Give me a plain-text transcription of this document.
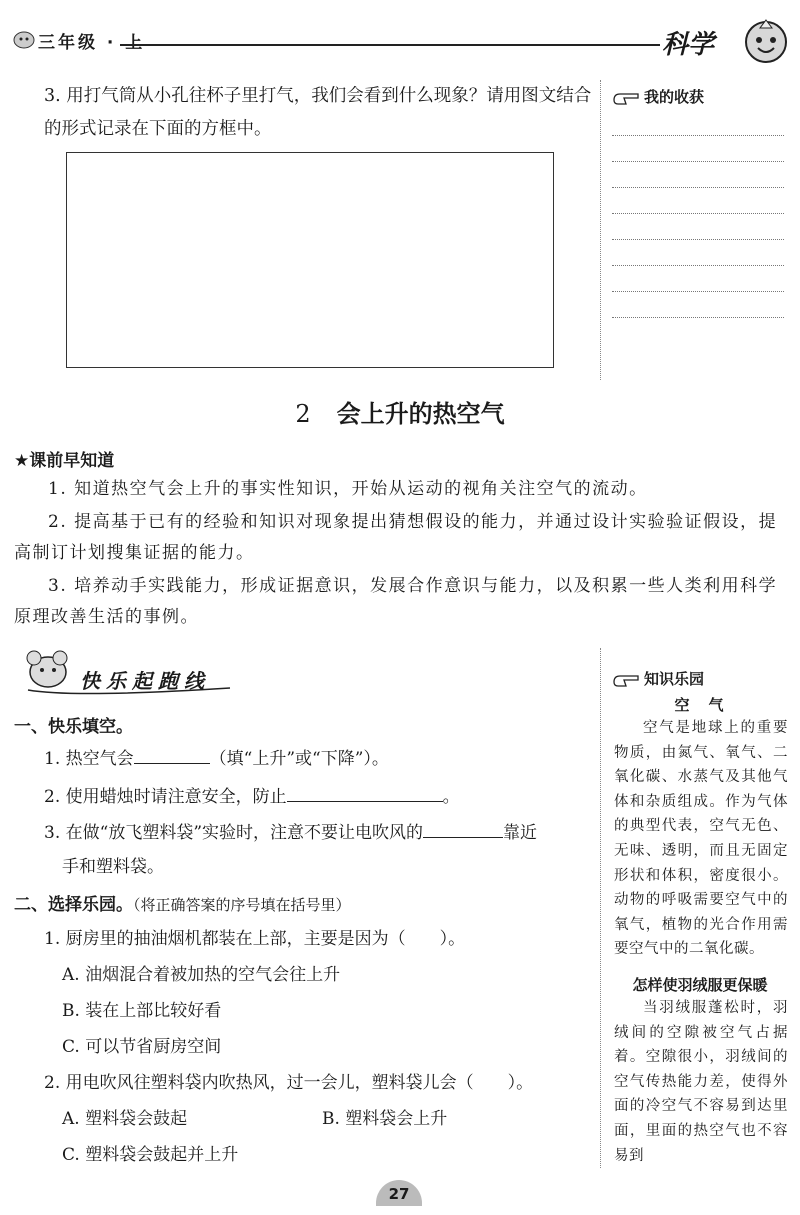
三年级 · 上	科学
3. 用打气筒从小孔往杯子里打气，我们会看到什么现象？请用图文结合的形式记录在下面的方框中。
我的收获
2 会上升的热空气
★课前早知道
1. 知道热空气会上升的事实性知识，开始从运动的视角关注空气的流动。
2. 提高基于已有的经验和知识对现象提出猜想假设的能力，并通过设计实验验证假设，提高制订计划搜集证据的能力。
3. 培养动手实践能力，形成证据意识，发展合作意识与能力，以及积累一些人类利用科学原理改善生活的事例。
快乐起跑线
一、快乐填空。
1. 热空气会	（填“上升”或“下降”）。
2. 使用蜡烛时请注意安全，防止	。
3. 在做“放飞塑料袋”实验时，注意不要让电吹风的	靠近
手和塑料袋。
二、选择乐园。（将正确答案的序号填在括号里）
1. 厨房里的抽油烟机都装在上部，主要是因为（　　）。
A. 油烟混合着被加热的空气会往上升
B. 装在上部比较好看
C. 可以节省厨房空间
2. 用电吹风往塑料袋内吹热风，过一会儿，塑料袋儿会（　　）。
A. 塑料袋会鼓起	B. 塑料袋会上升
C. 塑料袋会鼓起并上升
知识乐园
空　气
空气是地球上的重要物质，由氮气、氧气、二氧化碳、水蒸气及其他气体和杂质组成。作为气体的典型代表，空气无色、无味、透明，而且无固定形状和体积，密度很小。动物的呼吸需要空气中的氧气，植物的光合作用需要空气中的二氧化碳。
怎样使羽绒服更保暖
当羽绒服蓬松时，羽绒间的空隙被空气占据着。空隙很小，羽绒间的空气传热能力差，使得外面的冷空气不容易到达里面，里面的热空气也不容易到
27
